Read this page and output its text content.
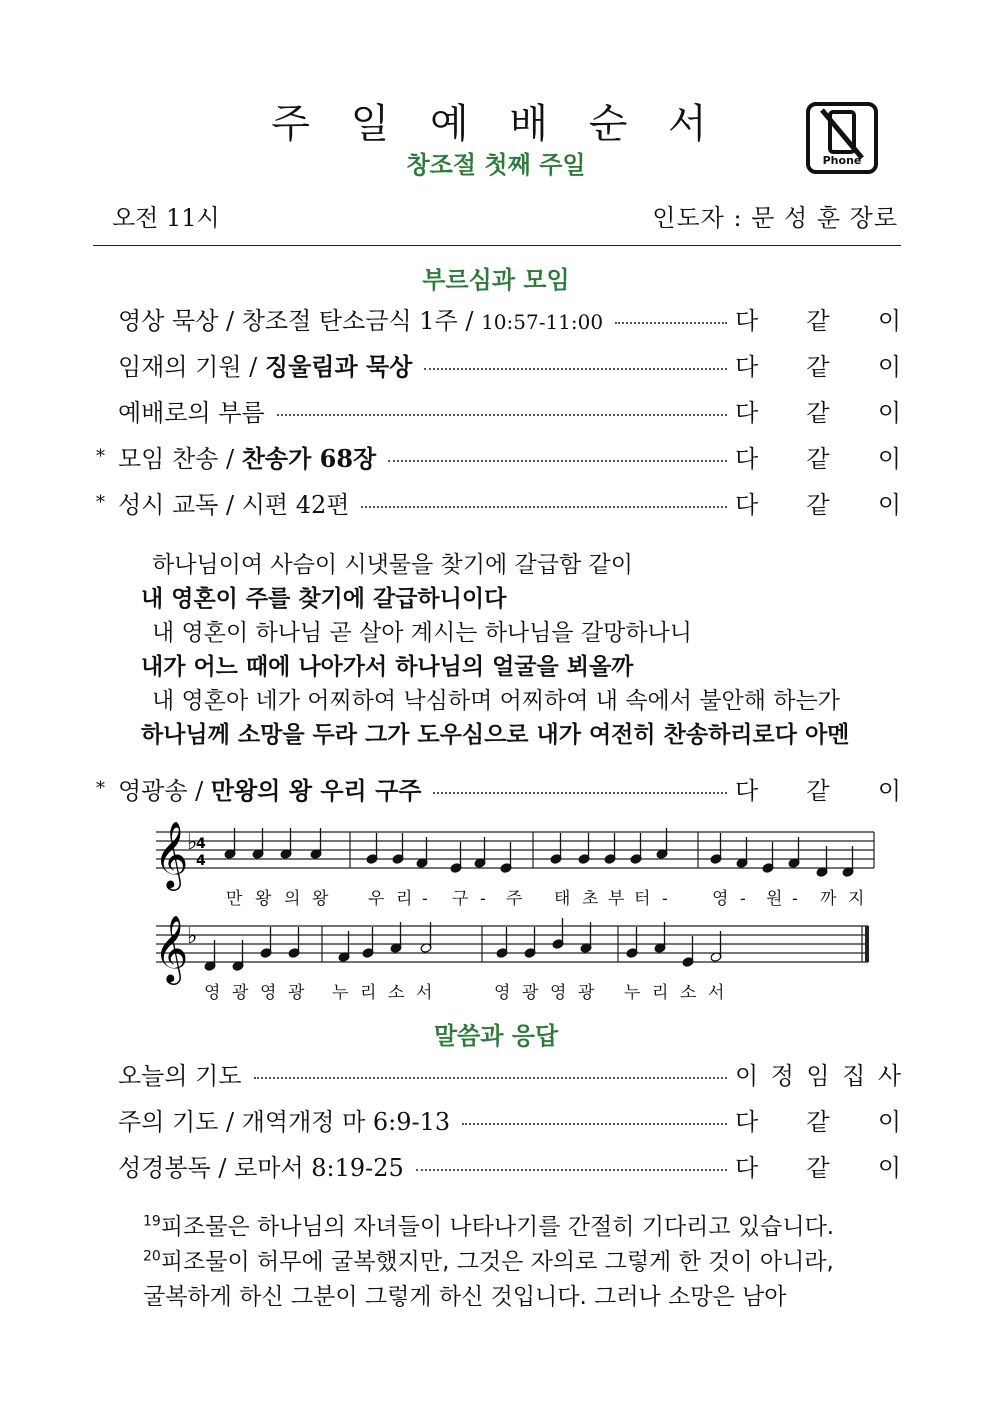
주 일 예 배 순 서
창조절 첫째 주일	Phone
오전 11시	인도자 : 문 성 훈 장로
부르심과 모임
영상 묵상 / 창조절 탄소금식 1주 / 10:57-11:00	다 같 이
임재의 기원 / 징울림과 묵상	다 같 이
예배로의 부름	다 같 이
* 모임 찬송 / 찬송가 68장	다 같 이
* 성시 교독 / 시편 42편	다 같 이
하나님이여 사슴이 시냇물을 찾기에 갈급함 같이
내 영혼이 주를 찾기에 갈급하니이다
내 영혼이 하나님 곧 살아 계시는 하나님을 갈망하나니
내가 어느 때에 나아가서 하나님의 얼굴을 뵈올까
내 영혼아 네가 어찌하여 낙심하며 어찌하여 내 속에서 불안해 하는가
하나님께 소망을 두라 그가 도우심으로 내가 여전히 찬송하리로다 아멘
* 영광송 / 만왕의 왕 우리 구주	다 같 이
𝄞
♭
4
4
𝄞
♭
만 왕 의 왕 우 리 - 구 - 주 태 초 부 터 -	영 - 원 - 까 지
영 광 영 광 누 리 소 서	영 광 영 광 누 리 소 서
말씀과 응답
오늘의 기도	이 정 임 집 사
주의 기도 / 개역개정 마 6:9-13	다 같 이
성경봉독 / 로마서 8:19-25	다 같 이
$^{19}$피조물은 하나님의 자녀들이 나타나기를 간절히 기다리고 있습니다.
$^{20}$피조물이 허무에 굴복했지만, 그것은 자의로 그렇게 한 것이 아니라,
굴복하게 하신 그분이 그렇게 하신 것입니다. 그러나 소망은 남아
